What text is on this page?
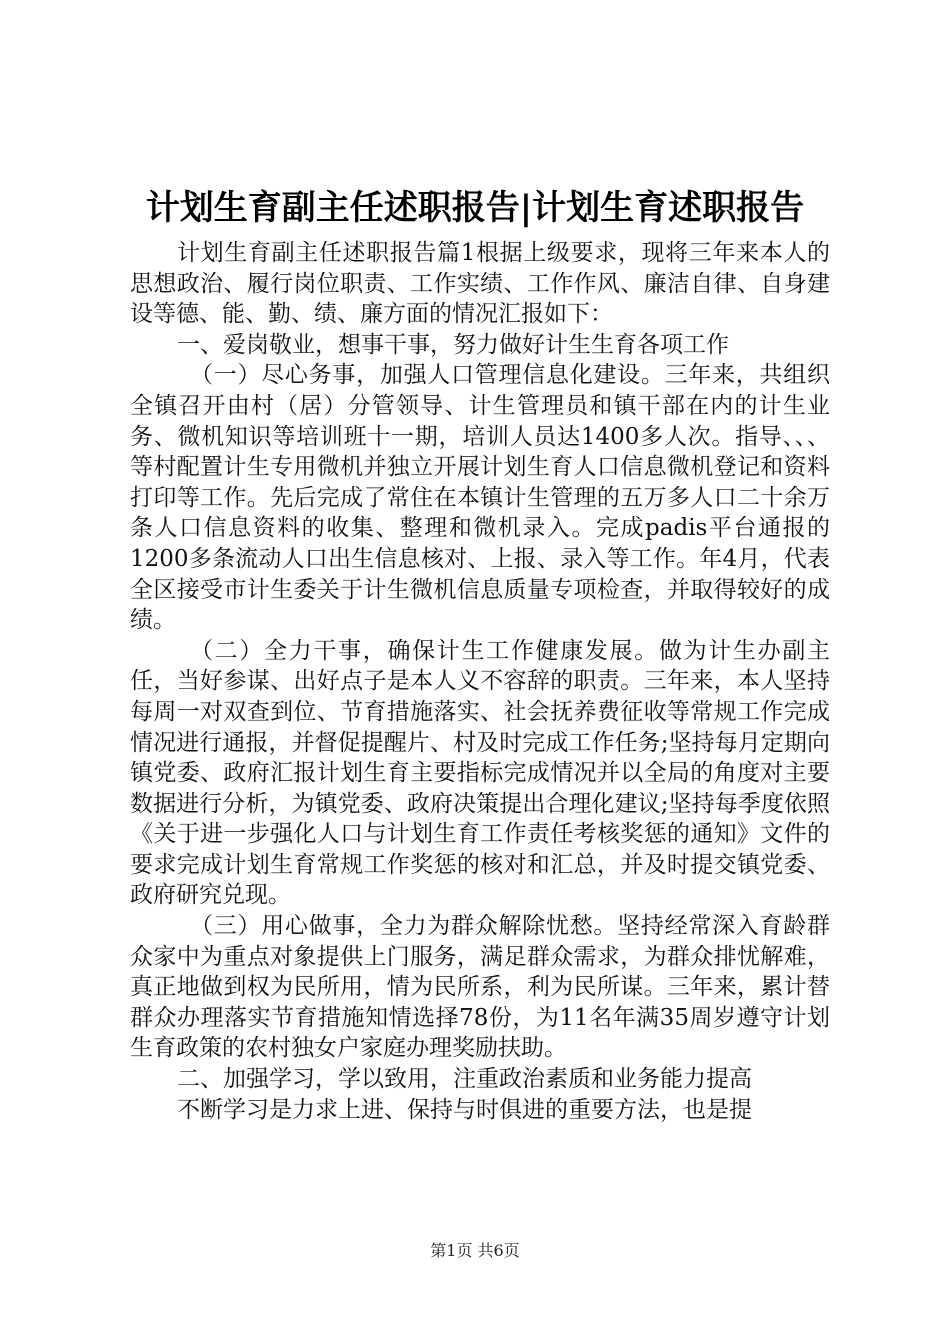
计划生育副主任述职报告|计划生育述职报告

计划生育副主任述职报告篇1根据上级要求，现将三年来本人的思想政治、履行岗位职责、工作实绩、工作作风、廉洁自律、自身建设等德、能、勤、绩、廉方面的情况汇报如下：

一、爱岗敬业，想事干事，努力做好计生生育各项工作

（一）尽心务事，加强人口管理信息化建设。三年来，共组织全镇召开由村（居）分管领导、计生管理员和镇干部在内的计生业务、微机知识等培训班十一期，培训人员达1400多人次。指导、、、等村配置计生专用微机并独立开展计划生育人口信息微机登记和资料打印等工作。先后完成了常住在本镇计生管理的五万多人口二十余万条人口信息资料的收集、整理和微机录入。完成padis平台通报的1200多条流动人口出生信息核对、上报、录入等工作。年4月，代表全区接受市计生委关于计生微机信息质量专项检查，并取得较好的成绩。

（二）全力干事，确保计生工作健康发展。做为计生办副主任，当好参谋、出好点子是本人义不容辞的职责。三年来，本人坚持每周一对双查到位、节育措施落实、社会抚养费征收等常规工作完成情况进行通报，并督促提醒片、村及时完成工作任务;坚持每月定期向镇党委、政府汇报计划生育主要指标完成情况并以全局的角度对主要数据进行分析，为镇党委、政府决策提出合理化建议;坚持每季度依照《关于进一步强化人口与计划生育工作责任考核奖惩的通知》文件的要求完成计划生育常规工作奖惩的核对和汇总，并及时提交镇党委、政府研究兑现。

（三）用心做事，全力为群众解除忧愁。坚持经常深入育龄群众家中为重点对象提供上门服务，满足群众需求，为群众排忧解难，真正地做到权为民所用，情为民所系，利为民所谋。三年来，累计替群众办理落实节育措施知情选择78份，为11名年满35周岁遵守计划生育政策的农村独女户家庭办理奖励扶助。

二、加强学习，学以致用，注重政治素质和业务能力提高

不断学习是力求上进、保持与时俱进的重要方法，也是提

第1页 共6页
